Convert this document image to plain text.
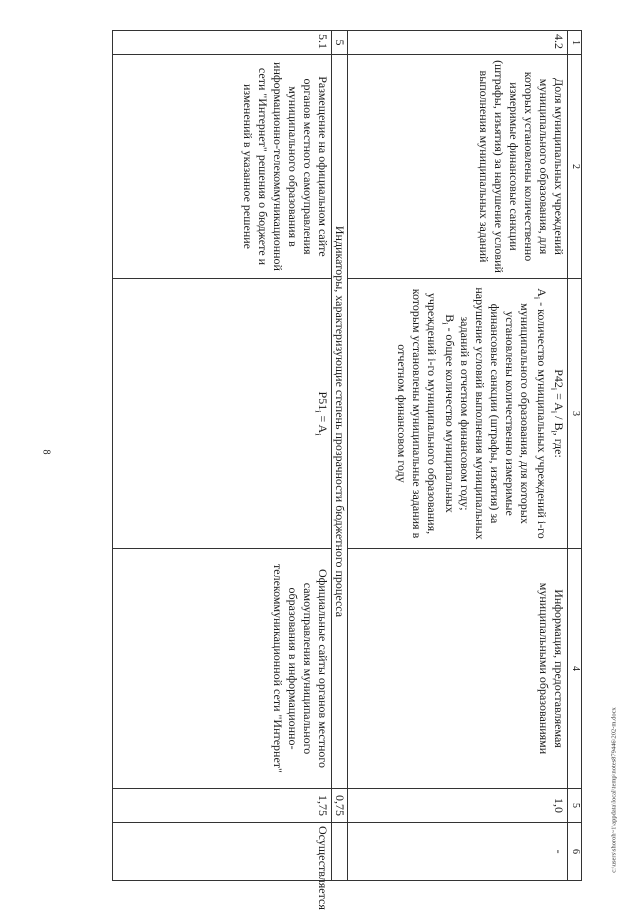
8
c:\users\shoroh~1\appdata\local\temp\notes879446\202-m.docx
1	2	3	4	5	6
4.2	Доля муниципальных учреждений муниципального образования, для которых установлены количественно измеримые финансовые санкции (штрафы, изъятия) за нарушение условий выполнения муниципальных заданий	$P42_i = A_i / B_i$, где:
$A_i$ - количество муниципальных учреждений i-го муниципального образования, для которых установлены количественно измеримые финансовые санкции (штрафы, изъятия) за нарушение условий выполнения муниципальных заданий в отчетном финансовом году;
$B_i$ - общее количество муниципальных учреждений i-го муниципального образования, которым установлены муниципальные задания в отчетном финансовом году	Информация, предоставляемая муниципальными образованиями	1,0	-
5	Индикаторы, характеризующие степень прозрачности бюджетного процесса			0,75	
5.1	Размещение на официальном сайте органов местного самоуправления муниципального образования в информационно-телекоммуникационной сети "Интернет" решения о бюджете и изменений в указанное решение	$P51_i = A_i$	Официальные сайты органов местного самоуправления муниципального образования в информационно-телекоммуникационной сети "Интернет"	1,75	Осуществляется
